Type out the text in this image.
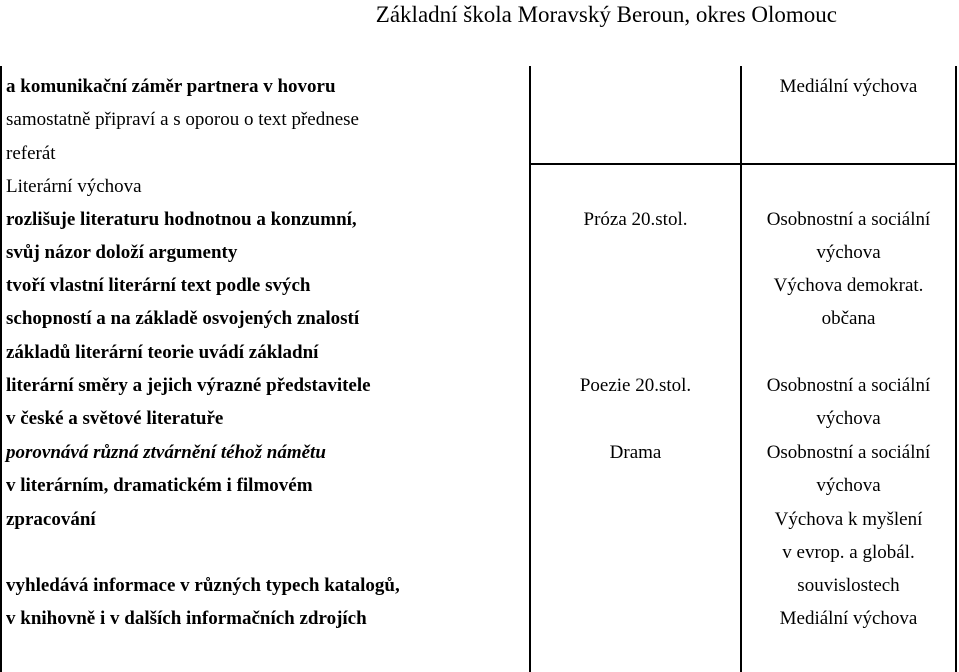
Základní škola Moravský Beroun, okres Olomouc
a komunikační záměr partnera v hovoru
samostatně připraví a s oporou o text přednese
referát
Literární výchova
rozlišuje literaturu hodnotnou a konzumní,
svůj názor doloží argumenty
tvoří vlastní literární text podle svých
schopností a na základě osvojených znalostí
základů literární teorie uvádí základní
literární směry a jejich výrazné představitele
v české a světové literatuře
porovnává různá ztvárnění téhož námětu
v literárním, dramatickém i filmovém
zpracování
vyhledává informace v různých typech katalogů,
v knihovně i v dalších informačních zdrojích
Próza 20.stol.
Poezie 20.stol.
Drama
Mediální výchova
Osobnostní a sociální
výchova
Výchova demokrat.
občana
Osobnostní a sociální
výchova
Osobnostní a sociální
výchova
Výchova k myšlení
v evrop. a globál.
souvislostech
Mediální výchova
